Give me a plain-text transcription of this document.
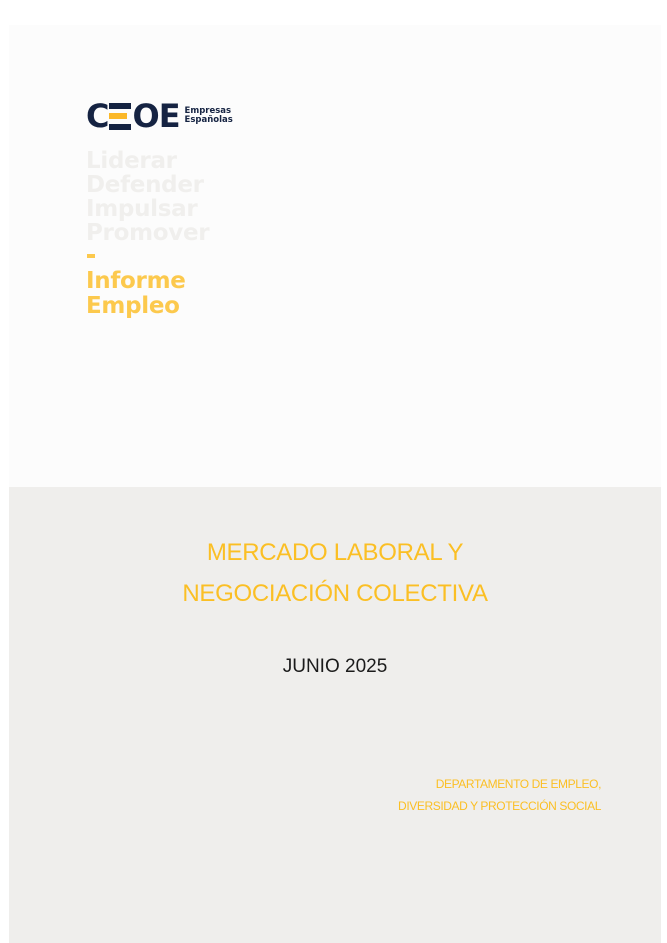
C OE Empresas
Españolas
Liderar
Defender
Impulsar
Promover
Informe
Empleo
MERCADO LABORAL Y
NEGOCIACIÓN COLECTIVA
JUNIO 2025
DEPARTAMENTO DE EMPLEO,
DIVERSIDAD Y PROTECCIÓN SOCIAL
